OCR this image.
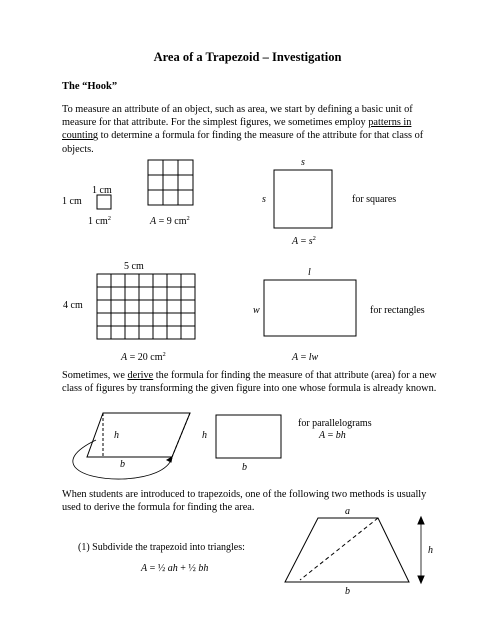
Area of a Trapezoid – Investigation
The “Hook”
To measure an attribute of an object, such as area, we start by defining a basic unit of measure for that attribute. For the simplest figures, we sometimes employ patterns in counting to determine a formula for finding the measure of the attribute for that class of objects.
1 cm
1 cm
1 $cm^2$	A = 9 $cm^2$
s
s	for squares
$A = s^2$
5 cm
4 cm
A = 20 $cm^2$
l
w	for rectangles
A = lw
Sometimes, we derive the formula for finding the measure of that attribute (area) for a new class of figures by transforming the given figure into one whose formula is already known.
h
b
h
b
for parallelograms
A = bh
When students are introduced to trapezoids, one of the following two methods is usually used to derive the formula for finding the area.
(1) Subdivide the trapezoid into triangles:
A = ½ ah + ½ bh
a
b
h
